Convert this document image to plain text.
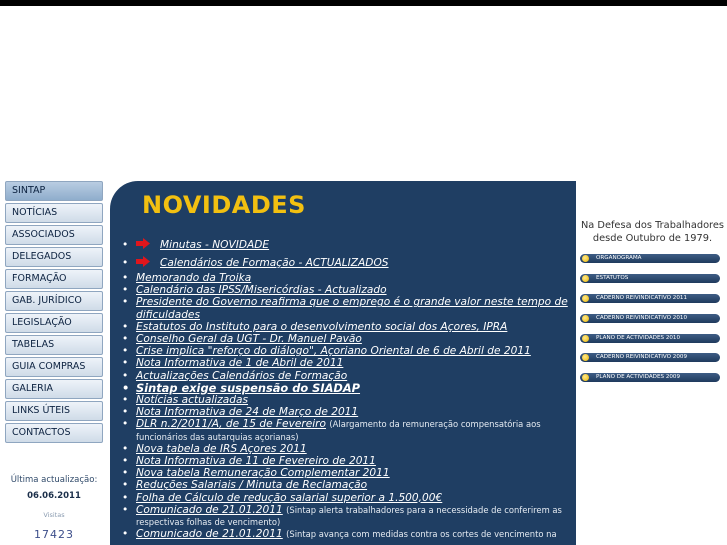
SINTAP
NOTÍCIAS
ASSOCIADOS
DELEGADOS
FORMAÇÃO
GAB. JURÍDICO
LEGISLAÇÃO
TABELAS
GUIA COMPRAS
GALERIA
LINKS ÚTEIS
CONTACTOS
Última actualização:
06.06.2011
Visitas
17423
NOVIDADES
• Minutas - NOVIDADE
• Calendários de Formação - ACTUALIZADOS
• Memorando da Troika
• Calendário das IPSS/Misericórdias - Actualizado
• Presidente do Governo reafirma que o emprego é o grande valor neste tempo de dificuldades
• Estatutos do Instituto para o desenvolvimento social dos Açores, IPRA
• Conselho Geral da UGT - Dr. Manuel Pavão
• Crise implica "reforço do diálogo", Açoriano Oriental de 6 de Abril de 2011
• Nota Informativa de 1 de Abril de 2011
• Actualizações Calendários de Formação
• Sintap exige suspensão do SIADAP
• Notícias actualizadas
• Nota Informativa de 24 de Março de 2011
• DLR n.2/2011/A, de 15 de Fevereiro (Alargamento da remuneração compensatória aos funcionários das autarquias açorianas)
• Nova tabela de IRS Açores 2011
• Nota Informativa de 11 de Fevereiro de 2011
• Nova tabela Remuneração Complementar 2011
• Reduções Salariais / Minuta de Reclamação
• Folha de Cálculo de redução salarial superior a 1.500,00€
• Comunicado de 21.01.2011 (Sintap alerta trabalhadores para a necessidade de conferirem as respectivas folhas de vencimento)
• Comunicado de 21.01.2011 (Sintap avança com medidas contra os cortes de vencimento na
Na Defesa dos Trabalhadores
desde Outubro de 1979.
ORGANOGRAMA
ESTATUTOS
CADERNO REIVINDICATIVO 2011
CADERNO REIVINDICATIVO 2010
PLANO DE ACTIVIDADES 2010
CADERNO REIVINDICATIVO 2009
PLANO DE ACTIVIDADES 2009
